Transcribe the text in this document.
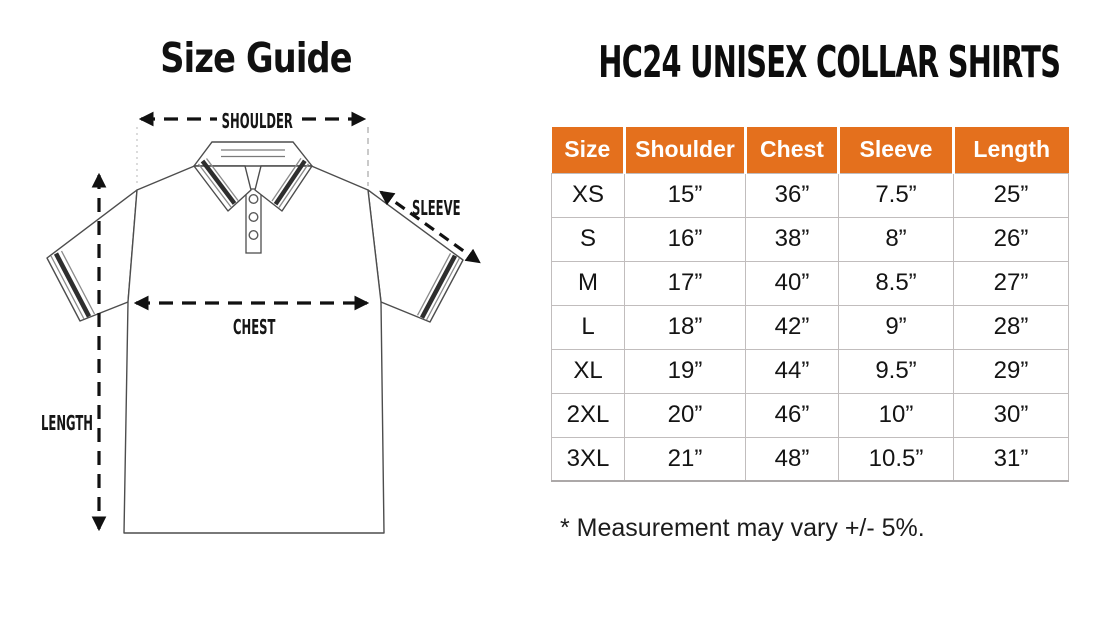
Size Guide
SHOULDER
SLEEVE
CHEST
LENGTH
HC24 UNISEX COLLAR SHIRTS
Size	Shoulder	Chest	Sleeve	Length
XS	15”	36”	7.5”	25”
S	16”	38”	8”	26”
M	17”	40”	8.5”	27”
L	18”	42”	9”	28”
XL	19”	44”	9.5”	29”
2XL	20”	46”	10”	30”
3XL	21”	48”	10.5”	31”
* Measurement may vary +/- 5%.
